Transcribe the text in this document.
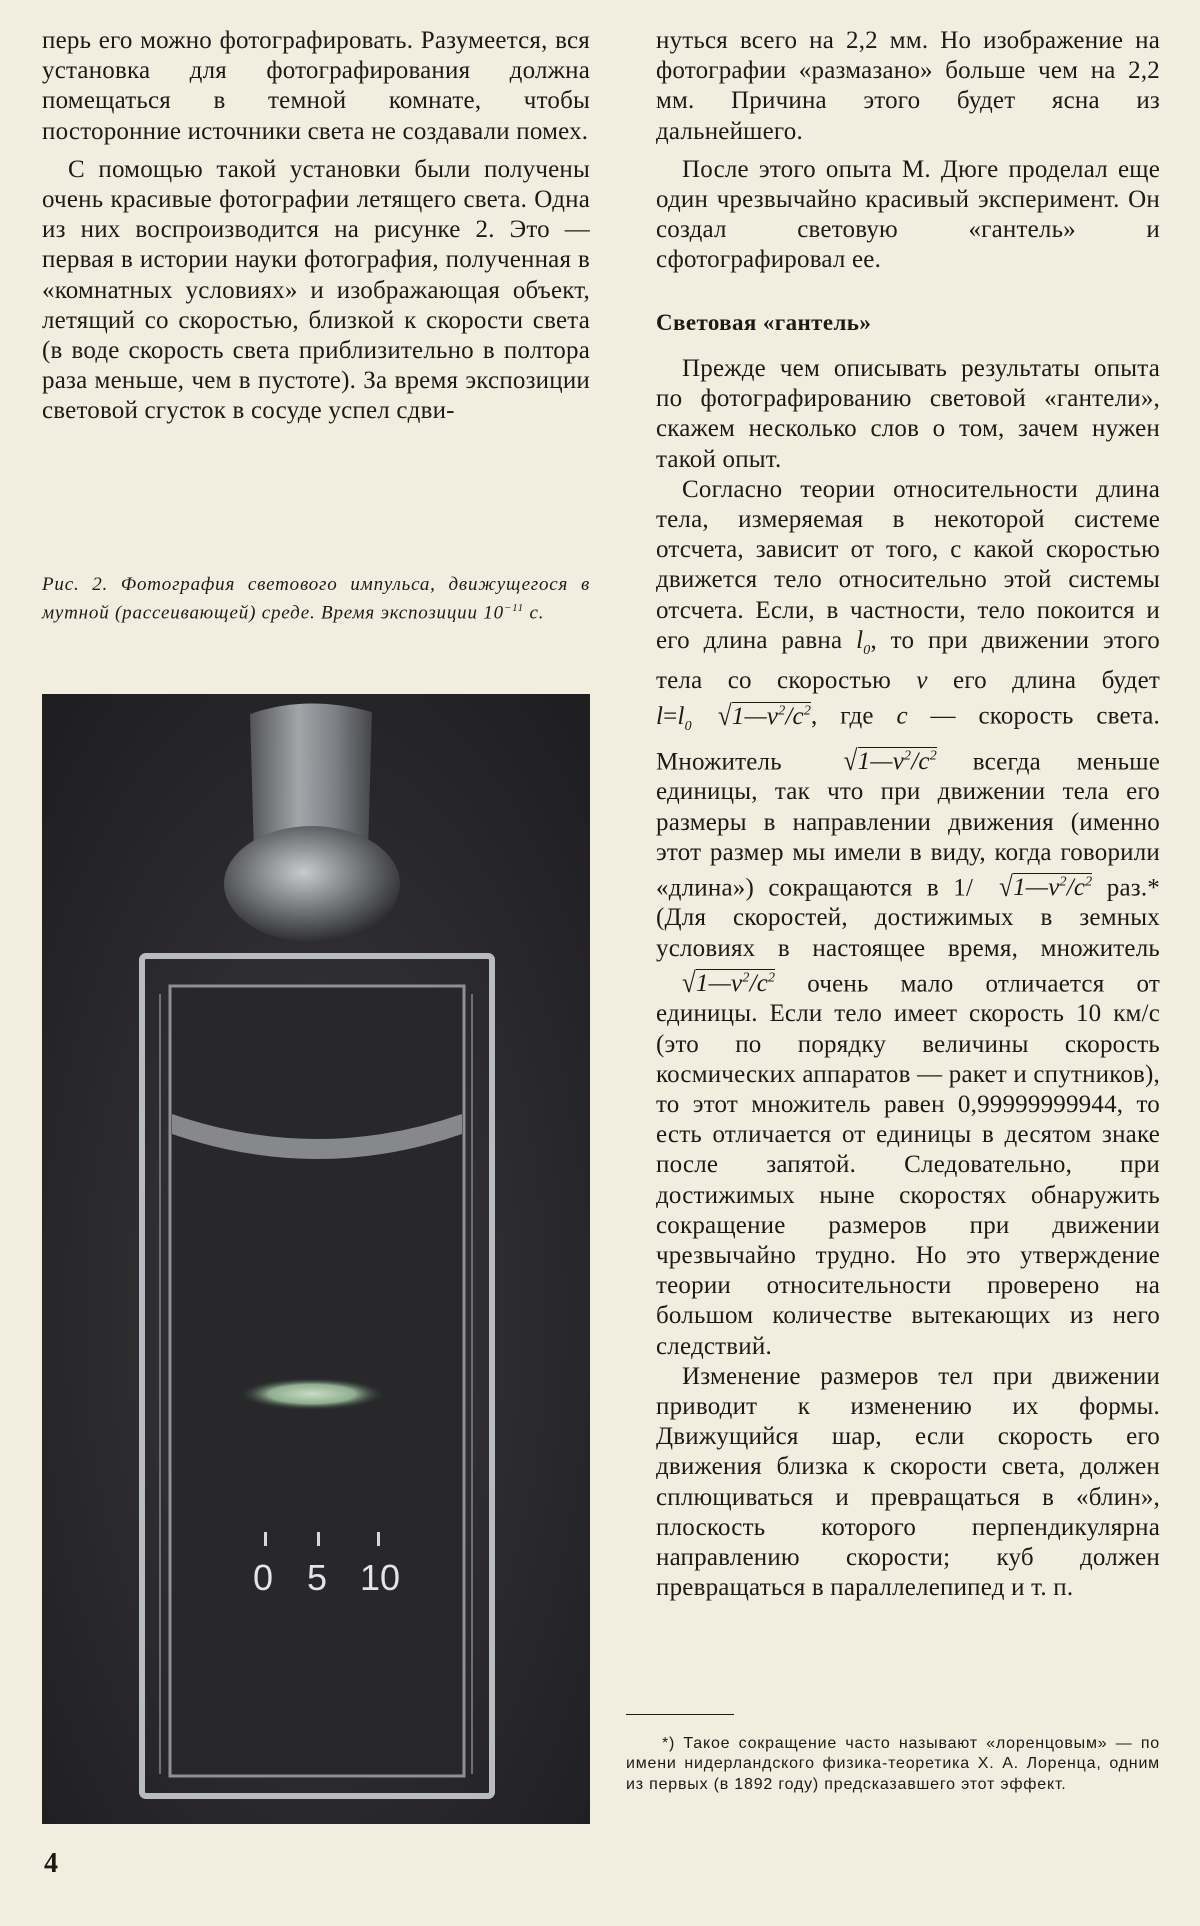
перь его можно фотографировать. Разумеется, вся установка для фотографирования должна помещаться в темной комнате, чтобы посторонние источники света не создавали помех.

С помощью такой установки были получены очень красивые фотографии летящего света. Одна из них воспроизводится на рисунке 2. Это — первая в истории науки фотография, полученная в «комнатных условиях» и изображающая объект, летящий со скоростью, близкой к скорости света (в воде скорость света приблизительно в полтора раза меньше, чем в пустоте). За время экспозиции световой сгусток в сосуде успел сдви-

Рис. 2. Фотография светового импульса, движущегося в мутной (рассеивающей) среде. Время экспозиции $10^{-11}$ с.
0 5 10

нуться всего на 2,2 мм. Но изображение на фотографии «размазано» больше чем на 2,2 мм. Причина этого будет ясна из дальнейшего.

После этого опыта М. Дюге проделал еще один чрезвычайно красивый эксперимент. Он создал световую «гантель» и сфотографировал ее.

Световая «гантель»

Прежде чем описывать результаты опыта по фотографированию световой «гантели», скажем несколько слов о том, зачем нужен такой опыт.

Согласно теории относительности длина тела, измеряемая в некоторой системе отсчета, зависит от того, с какой скоростью движется тело относительно этой системы отсчета. Если, в частности, тело покоится и его длина равна $l_0$, то при движении этого тела со скоростью v его длина будет $l=l_0$ $√1—v^2/c^2$, где c — скорость света. Множитель $√1—v^2/c^2$ всегда меньше единицы, так что при движении тела его размеры в направлении движения (именно этот размер мы имели в виду, когда говорили «длина») сокращаются в 1/ $√1—v^2/c^2$ раз.* (Для скоростей, достижимых в земных условиях в настоящее время, множитель $√1—v^2/c^2$ очень мало отличается от единицы. Если тело имеет скорость 10 км/с (это по порядку величины скорость космических аппаратов — ракет и спутников), то этот множитель равен 0,99999999944, то есть отличается от единицы в десятом знаке после запятой. Следовательно, при достижимых ныне скоростях обнаружить сокращение размеров при движении чрезвычайно трудно. Но это утверждение теории относительности проверено на большом количестве вытекающих из него следствий.

Изменение размеров тел при движении приводит к изменению их формы. Движущийся шар, если скорость его движения близка к скорости света, должен сплющиваться и превращаться в «блин», плоскость которого перпендикулярна направлению скорости; куб должен превращаться в параллелепипед и т. п.

*) Такое сокращение часто называют «лоренцовым» — по имени нидерландского физика-теоретика Х. А. Лоренца, одним из первых (в 1892 году) предсказавшего этот эффект.
4
